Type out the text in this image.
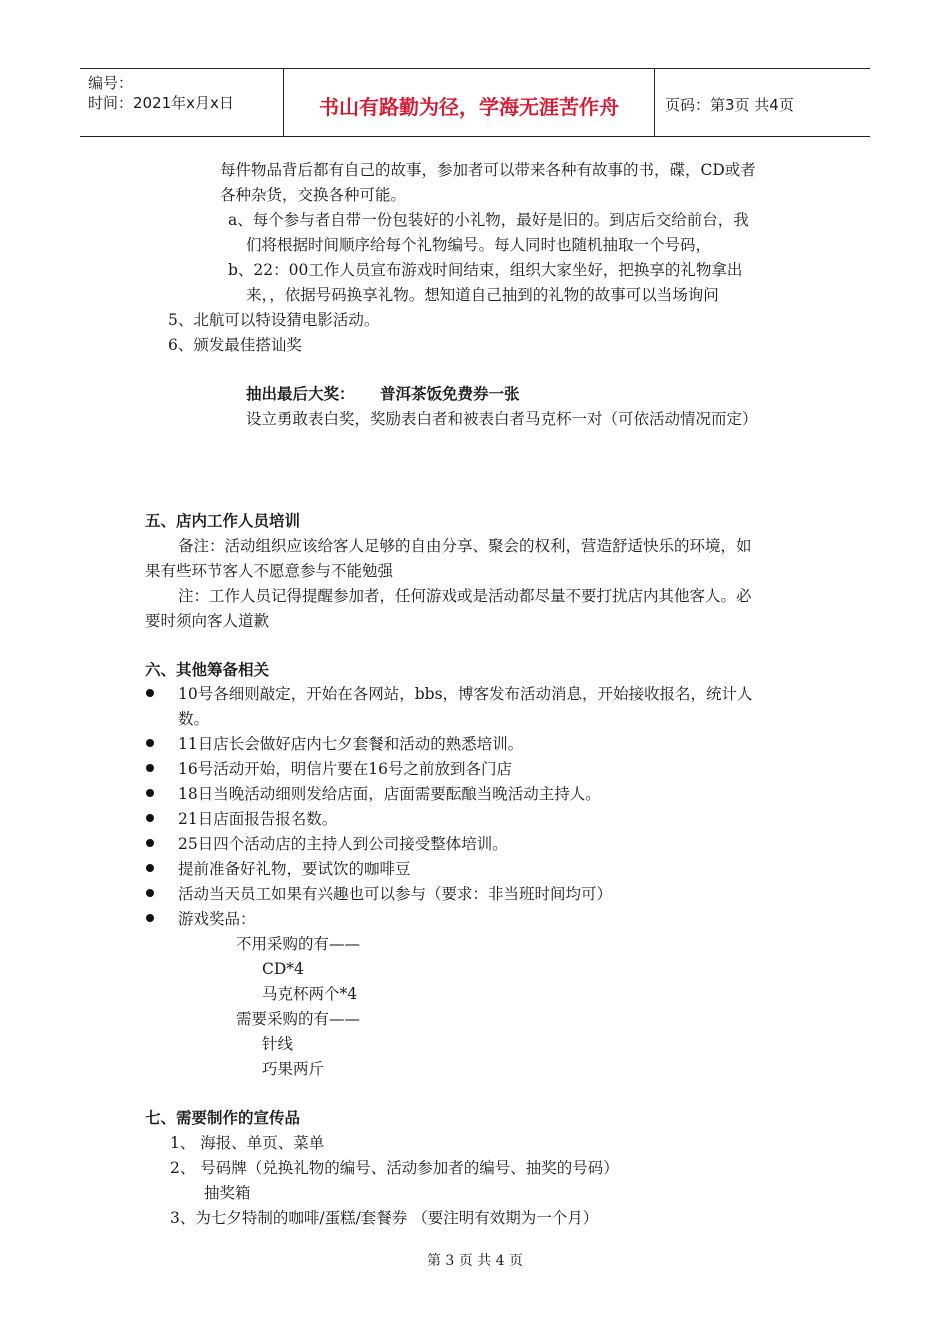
编号：
时间：2021年x月x日	书山有路勤为径，学海无涯苦作舟	页码：第3页 共4页
每件物品背后都有自己的故事，参加者可以带来各种有故事的书，碟，CD或者
各种杂货，交换各种可能。
a、每个参与者自带一份包装好的小礼物，最好是旧的。到店后交给前台，我
们将根据时间顺序给每个礼物编号。每人同时也随机抽取一个号码，
b、22：00工作人员宣布游戏时间结束，组织大家坐好，把换享的礼物拿出
来，，依据号码换享礼物。想知道自己抽到的礼物的故事可以当场询问
5、北航可以特设猜电影活动。
6、颁发最佳搭讪奖
抽出最后大奖： 普洱茶饭免费券一张
设立勇敢表白奖，奖励表白者和被表白者马克杯一对（可依活动情况而定）
五、店内工作人员培训
备注：活动组织应该给客人足够的自由分享、聚会的权利，营造舒适快乐的环境，如
果有些环节客人不愿意参与不能勉强
注：工作人员记得提醒参加者，任何游戏或是活动都尽量不要打扰店内其他客人。必
要时须向客人道歉
六、其他筹备相关
10号各细则敲定，开始在各网站，bbs，博客发布活动消息，开始接收报名，统计人
数。
11日店长会做好店内七夕套餐和活动的熟悉培训。
16号活动开始，明信片要在16号之前放到各门店
18日当晚活动细则发给店面，店面需要酝酿当晚活动主持人。
21日店面报告报名数。
25日四个活动店的主持人到公司接受整体培训。
提前准备好礼物，要试饮的咖啡豆
活动当天员工如果有兴趣也可以参与（要求：非当班时间均可）
游戏奖品：
不用采购的有——
CD*4
马克杯两个*4
需要采购的有——
针线
巧果两斤
七、需要制作的宣传品
1、 海报、单页、菜单
2、 号码牌（兑换礼物的编号、活动参加者的编号、抽奖的号码）
抽奖箱
3、为七夕特制的咖啡/蛋糕/套餐券 （要注明有效期为一个月）
第 3 页 共 4 页
